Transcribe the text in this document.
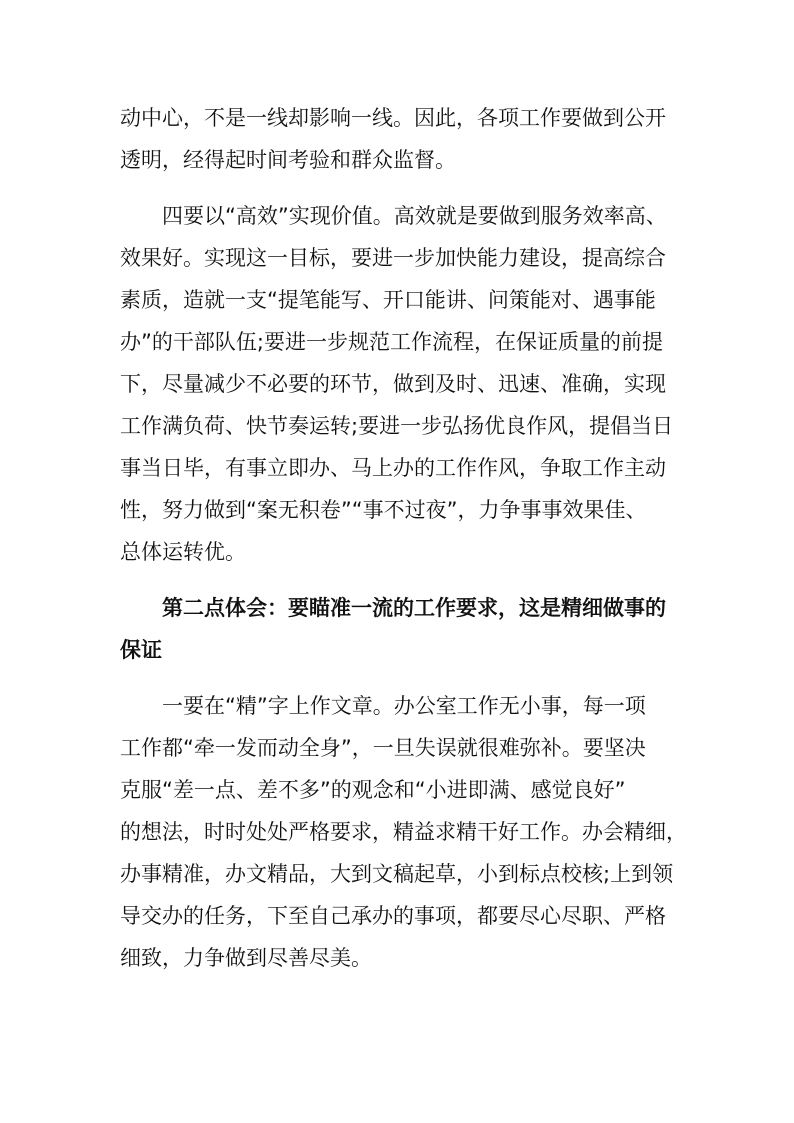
动中心，不是一线却影响一线。因此，各项工作要做到公开
透明，经得起时间考验和群众监督。
四要以“高效”实现价值。高效就是要做到服务效率高、
效果好。实现这一目标，要进一步加快能力建设，提高综合
素质，造就一支“提笔能写、开口能讲、问策能对、遇事能
办”的干部队伍;要进一步规范工作流程，在保证质量的前提
下，尽量减少不必要的环节，做到及时、迅速、准确，实现
工作满负荷、快节奏运转;要进一步弘扬优良作风，提倡当日
事当日毕，有事立即办、马上办的工作作风，争取工作主动
性，努力做到“案无积卷”“事不过夜”，力争事事效果佳、
总体运转优。
第二点体会：要瞄准一流的工作要求，这是精细做事的
保证
一要在“精”字上作文章。办公室工作无小事，每一项
工作都“牵一发而动全身”，一旦失误就很难弥补。要坚决
克服“差一点、差不多”的观念和“小进即满、感觉良好”
的想法，时时处处严格要求，精益求精干好工作。办会精细，
办事精准，办文精品，大到文稿起草，小到标点校核;上到领
导交办的任务，下至自己承办的事项，都要尽心尽职、严格
细致，力争做到尽善尽美。
